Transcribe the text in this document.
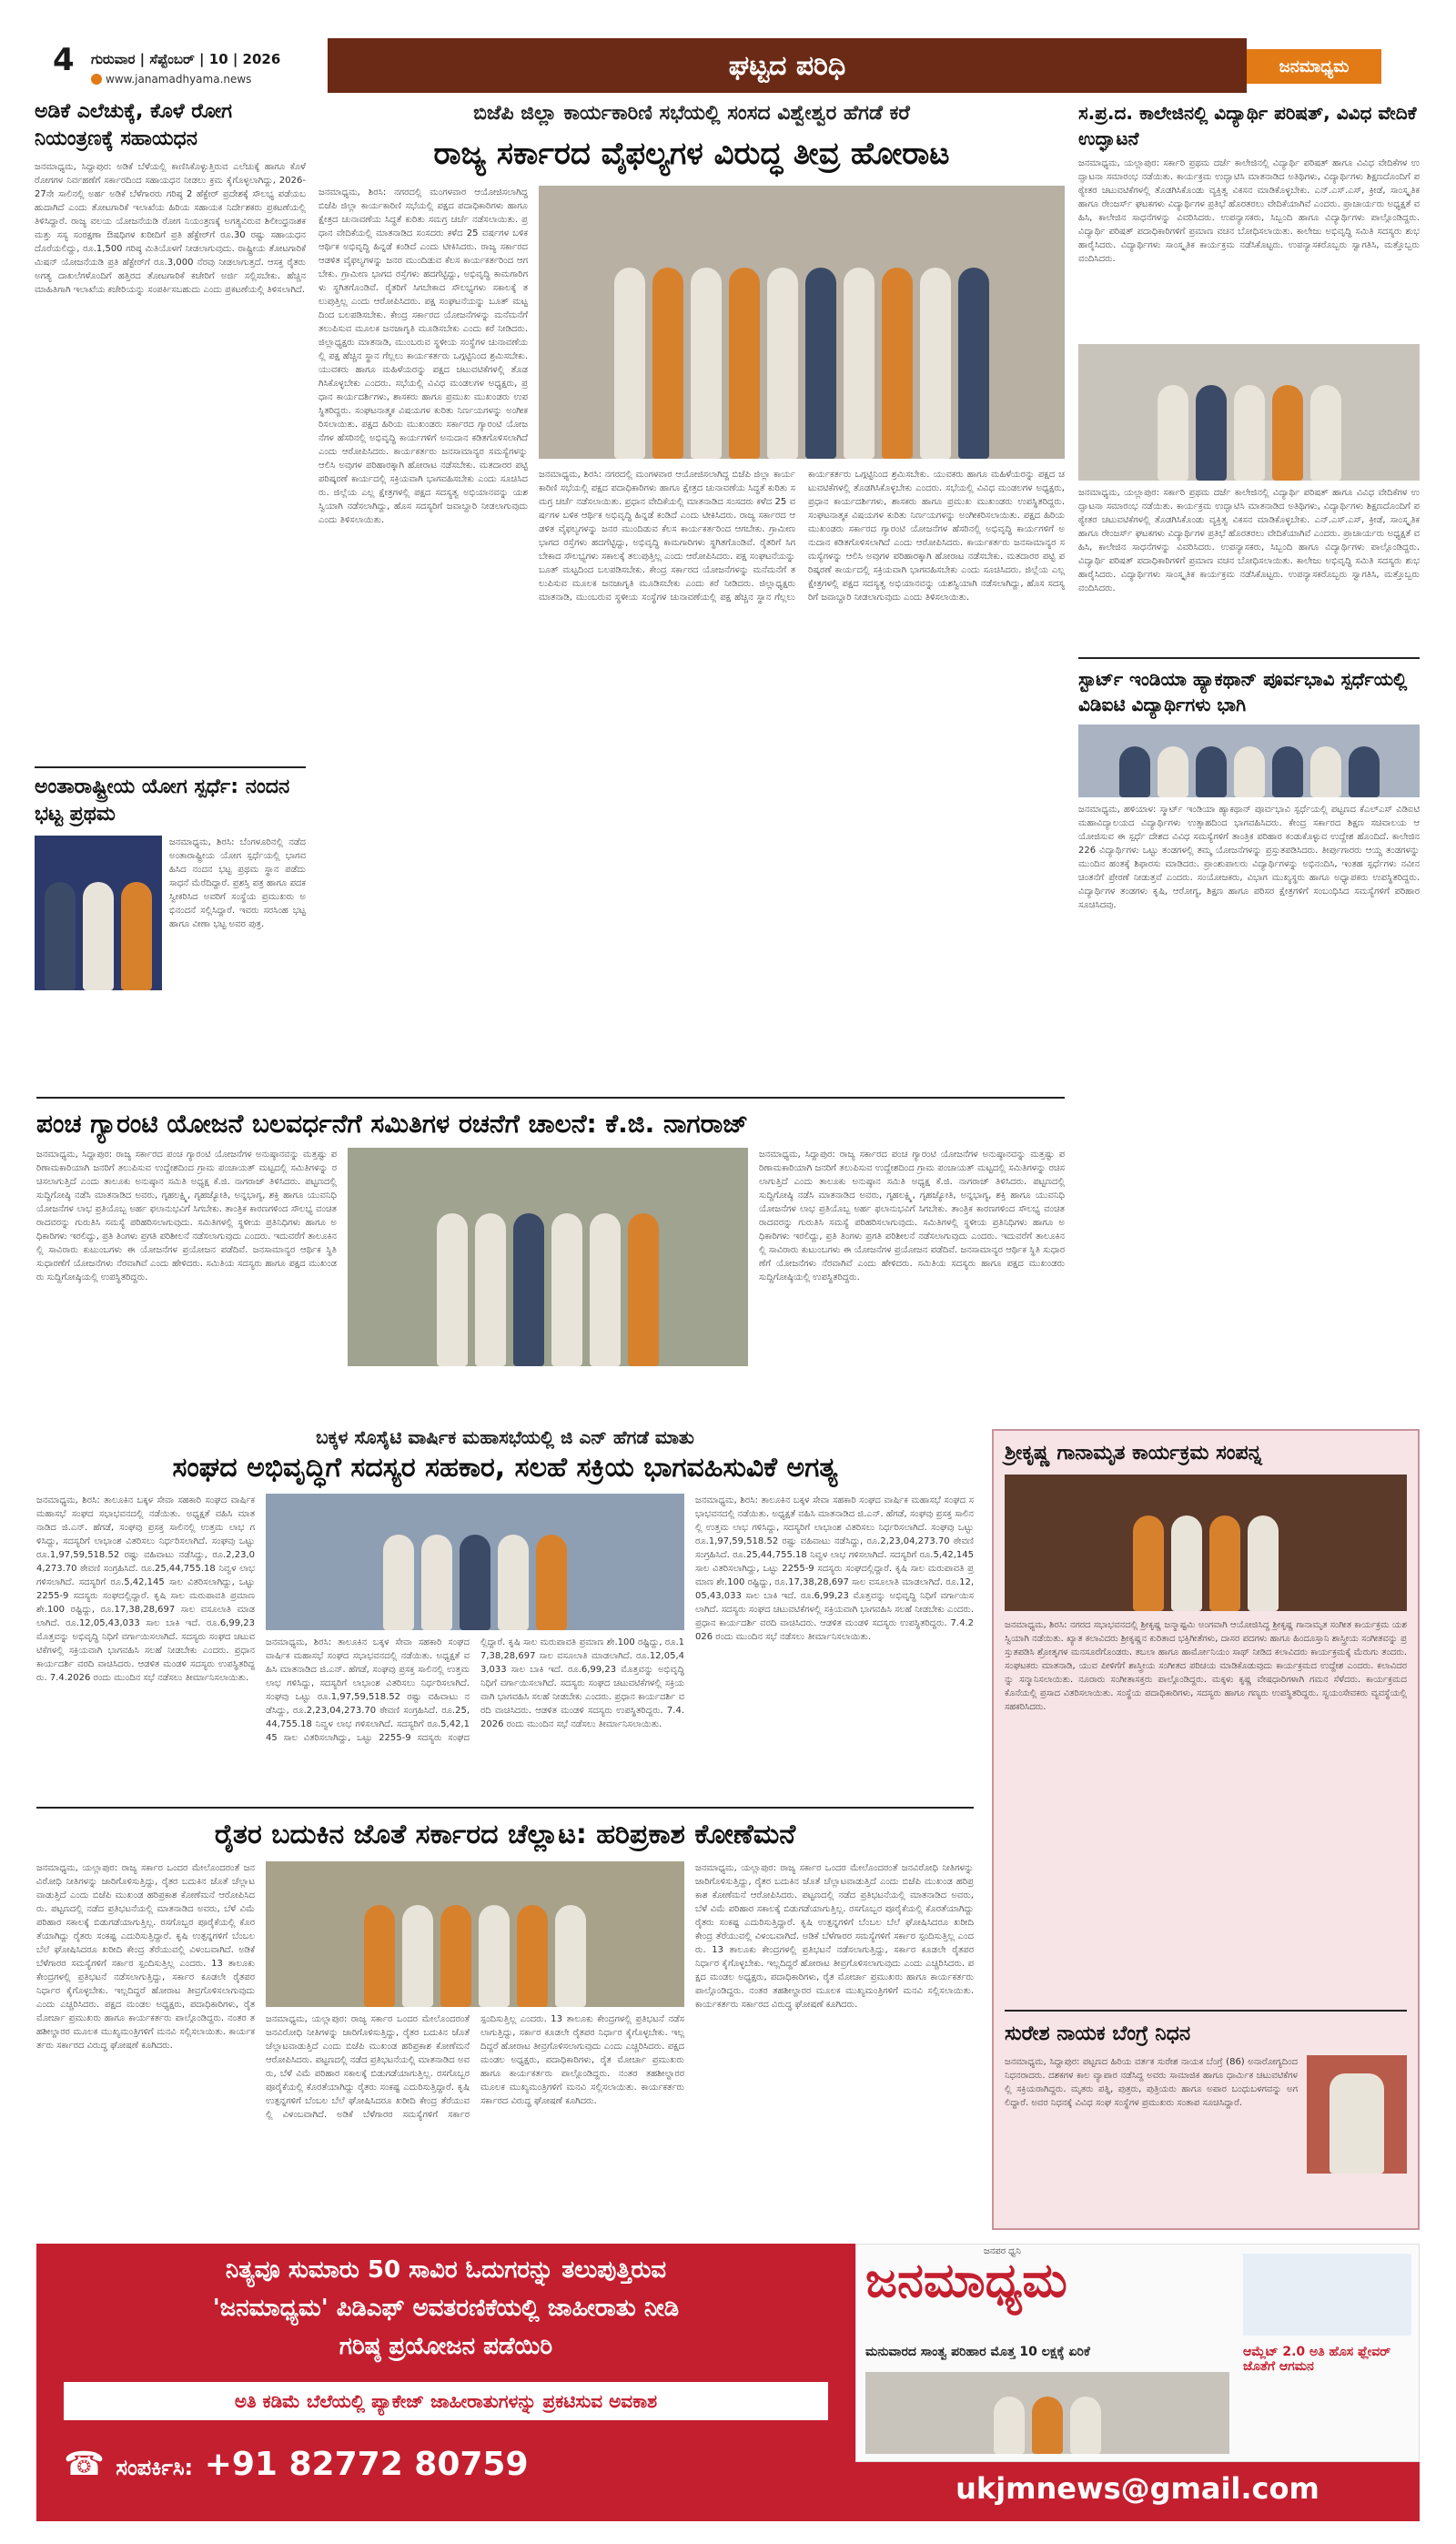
4 ಗುರುವಾರ | ಸೆಪ್ಟೆಂಬರ್ | 10 | 2026
www.janamadhyama.news	ಘಟ್ಟದ ಪರಿಧಿ	ಜನಮಾಧ್ಯಮ
ಅಡಿಕೆ ಎಲೆಚುಕ್ಕೆ, ಕೊಳೆ ರೋಗ ನಿಯಂತ್ರಣಕ್ಕೆ ಸಹಾಯಧನ
ಜನಮಾಧ್ಯಮ, ಸಿದ್ದಾಪುರ: ಅಡಿಕೆ ಬೆಳೆಯಲ್ಲಿ ಕಾಣಿಸಿಕೊಳ್ಳುತ್ತಿರುವ ಎಲೆಚುಕ್ಕೆ ಹಾಗೂ ಕೊಳೆ ರೋಗಗಳ ನಿರ್ವಹಣೆಗೆ ಸರ್ಕಾರದಿಂದ ಸಹಾಯಧನ ನೀಡಲು ಕ್ರಮ ಕೈಗೊಳ್ಳಲಾಗಿದ್ದು, 2026-27ನೇ ಸಾಲಿನಲ್ಲಿ ಅರ್ಹ ಅಡಿಕೆ ಬೆಳೆಗಾರರು ಗರಿಷ್ಠ 2 ಹೆಕ್ಟೇರ್ ಪ್ರದೇಶಕ್ಕೆ ಸೌಲಭ್ಯ ಪಡೆಯಬಹುದಾಗಿದೆ ಎಂದು ತೋಟಗಾರಿಕೆ ಇಲಾಖೆಯ ಹಿರಿಯ ಸಹಾಯಕ ನಿರ್ದೇಶಕರು ಪ್ರಕಟಣೆಯಲ್ಲಿ ತಿಳಿಸಿದ್ದಾರೆ. ರಾಜ್ಯ ವಲಯ ಯೋಜನೆಯಡಿ ರೋಗ ನಿಯಂತ್ರಣಕ್ಕೆ ಅಗತ್ಯವಿರುವ ಶಿಲೀಂಧ್ರನಾಶಕ ಮತ್ತು ಸಸ್ಯ ಸಂರಕ್ಷಣಾ ಔಷಧಿಗಳ ಖರೀದಿಗೆ ಪ್ರತಿ ಹೆಕ್ಟೇರ್‌ಗೆ ರೂ.30 ರಷ್ಟು ಸಹಾಯಧನ ದೊರೆಯಲಿದ್ದು, ರೂ.1,500 ಗರಿಷ್ಠ ಮಿತಿಯೊಳಗೆ ನೀಡಲಾಗುವುದು. ರಾಷ್ಟ್ರೀಯ ತೋಟಗಾರಿಕೆ ಮಿಷನ್ ಯೋಜನೆಯಡಿ ಪ್ರತಿ ಹೆಕ್ಟೇರ್‌ಗೆ ರೂ.3,000 ನೆರವು ನೀಡಲಾಗುತ್ತದೆ. ಆಸಕ್ತ ರೈತರು ಅಗತ್ಯ ದಾಖಲೆಗಳೊಂದಿಗೆ ಹತ್ತಿರದ ತೋಟಗಾರಿಕೆ ಕಚೇರಿಗೆ ಅರ್ಜಿ ಸಲ್ಲಿಸಬೇಕು. ಹೆಚ್ಚಿನ ಮಾಹಿತಿಗಾಗಿ ಇಲಾಖೆಯ ಕಚೇರಿಯನ್ನು ಸಂಪರ್ಕಿಸಬಹುದು ಎಂದು ಪ್ರಕಟಣೆಯಲ್ಲಿ ತಿಳಿಸಲಾಗಿದೆ.
ಅಂತಾರಾಷ್ಟ್ರೀಯ ಯೋಗ ಸ್ಪರ್ಧೆ: ನಂದನ ಭಟ್ಟ ಪ್ರಥಮ
ಜನಮಾಧ್ಯಮ, ಶಿರಸಿ: ಬೆಂಗಳೂರಿನಲ್ಲಿ ನಡೆದ ಅಂತಾರಾಷ್ಟ್ರೀಯ ಯೋಗ ಸ್ಪರ್ಧೆಯಲ್ಲಿ ಭಾಗವಹಿಸಿದ ನಂದನ ಭಟ್ಟ ಪ್ರಥಮ ಸ್ಥಾನ ಪಡೆದು ಸಾಧನೆ ಮೆರೆದಿದ್ದಾರೆ. ಪ್ರಶಸ್ತಿ ಪತ್ರ ಹಾಗೂ ಪದಕ ಸ್ವೀಕರಿಸಿದ ಅವರಿಗೆ ಸಂಸ್ಥೆಯ ಪ್ರಮುಖರು ಅಭಿನಂದನೆ ಸಲ್ಲಿಸಿದ್ದಾರೆ. ಇವರು ಸರಸಿಂಹ ಭಟ್ಟ ಹಾಗೂ ವೀಣಾ ಭಟ್ಟ ಅವರ ಪುತ್ರ.
ಬಿಜೆಪಿ ಜಿಲ್ಲಾ ಕಾರ್ಯಕಾರಿಣಿ ಸಭೆಯಲ್ಲಿ ಸಂಸದ ವಿಶ್ವೇಶ್ವರ ಹೆಗಡೆ ಕರೆ
ರಾಜ್ಯ ಸರ್ಕಾರದ ವೈಫಲ್ಯಗಳ ವಿರುದ್ಧ ತೀವ್ರ ಹೋರಾಟ
ಜನಮಾಧ್ಯಮ, ಶಿರಸಿ: ನಗರದಲ್ಲಿ ಮಂಗಳವಾರ ಆಯೋಜಿಸಲಾಗಿದ್ದ ಬಿಜೆಪಿ ಜಿಲ್ಲಾ ಕಾರ್ಯಕಾರಿಣಿ ಸಭೆಯಲ್ಲಿ ಪಕ್ಷದ ಪದಾಧಿಕಾರಿಗಳು ಹಾಗೂ ಕ್ಷೇತ್ರದ ಚುನಾವಣೆಯ ಸಿದ್ಧತೆ ಕುರಿತು ಸಮಗ್ರ ಚರ್ಚೆ ನಡೆಸಲಾಯಿತು. ಪ್ರಧಾನ ವೇದಿಕೆಯಲ್ಲಿ ಮಾತನಾಡಿದ ಸಂಸದರು ಕಳೆದ 25 ವರ್ಷಗಳ ಬಳಿಕ ಆರ್ಥಿಕ ಅಭಿವೃದ್ಧಿ ಹಿನ್ನಡೆ ಕಂಡಿದೆ ಎಂದು ಟೀಕಿಸಿದರು. ರಾಜ್ಯ ಸರ್ಕಾರದ ಆಡಳಿತ ವೈಫಲ್ಯಗಳನ್ನು ಜನರ ಮುಂದಿಡುವ ಕೆಲಸ ಕಾರ್ಯಕರ್ತರಿಂದ ಆಗಬೇಕು. ಗ್ರಾಮೀಣ ಭಾಗದ ರಸ್ತೆಗಳು ಹದಗೆಟ್ಟಿದ್ದು, ಅಭಿವೃದ್ಧಿ ಕಾಮಗಾರಿಗಳು ಸ್ಥಗಿತಗೊಂಡಿವೆ. ರೈತರಿಗೆ ಸಿಗಬೇಕಾದ ಸೌಲಭ್ಯಗಳು ಸಕಾಲಕ್ಕೆ ತಲುಪುತ್ತಿಲ್ಲ ಎಂದು ಆರೋಪಿಸಿದರು. ಪಕ್ಷ ಸಂಘಟನೆಯನ್ನು ಬೂತ್ ಮಟ್ಟದಿಂದ ಬಲಪಡಿಸಬೇಕು. ಕೇಂದ್ರ ಸರ್ಕಾರದ ಯೋಜನೆಗಳನ್ನು ಮನೆಮನೆಗೆ ತಲುಪಿಸುವ ಮೂಲಕ ಜನಜಾಗೃತಿ ಮೂಡಿಸಬೇಕು ಎಂದು ಕರೆ ನೀಡಿದರು. ಜಿಲ್ಲಾಧ್ಯಕ್ಷರು ಮಾತನಾಡಿ, ಮುಂಬರುವ ಸ್ಥಳೀಯ ಸಂಸ್ಥೆಗಳ ಚುನಾವಣೆಯಲ್ಲಿ ಪಕ್ಷ ಹೆಚ್ಚಿನ ಸ್ಥಾನ ಗೆಲ್ಲಲು ಕಾರ್ಯಕರ್ತರು ಒಗ್ಗಟ್ಟಿನಿಂದ ಶ್ರಮಿಸಬೇಕು. ಯುವಕರು ಹಾಗೂ ಮಹಿಳೆಯರನ್ನು ಪಕ್ಷದ ಚಟುವಟಿಕೆಗಳಲ್ಲಿ ತೊಡಗಿಸಿಕೊಳ್ಳಬೇಕು ಎಂದರು. ಸಭೆಯಲ್ಲಿ ವಿವಿಧ ಮಂಡಲಗಳ ಅಧ್ಯಕ್ಷರು, ಪ್ರಧಾನ ಕಾರ್ಯದರ್ಶಿಗಳು, ಶಾಸಕರು ಹಾಗೂ ಪ್ರಮುಖ ಮುಖಂಡರು ಉಪಸ್ಥಿತರಿದ್ದರು. ಸಂಘಟನಾತ್ಮಕ ವಿಷಯಗಳ ಕುರಿತು ನಿರ್ಣಯಗಳನ್ನು ಅಂಗೀಕರಿಸಲಾಯಿತು. ಪಕ್ಷದ ಹಿರಿಯ ಮುಖಂಡರು ಸರ್ಕಾರದ ಗ್ಯಾರಂಟಿ ಯೋಜನೆಗಳ ಹೆಸರಿನಲ್ಲಿ ಅಭಿವೃದ್ಧಿ ಕಾರ್ಯಗಳಿಗೆ ಅನುದಾನ ಕಡಿತಗೊಳಿಸಲಾಗಿದೆ ಎಂದು ಆರೋಪಿಸಿದರು. ಕಾರ್ಯಕರ್ತರು ಜನಸಾಮಾನ್ಯರ ಸಮಸ್ಯೆಗಳನ್ನು ಆಲಿಸಿ ಅವುಗಳ ಪರಿಹಾರಕ್ಕಾಗಿ ಹೋರಾಟ ನಡೆಸಬೇಕು. ಮತದಾರರ ಪಟ್ಟಿ ಪರಿಷ್ಕರಣೆ ಕಾರ್ಯದಲ್ಲಿ ಸಕ್ರಿಯವಾಗಿ ಭಾಗವಹಿಸಬೇಕು ಎಂದು ಸೂಚಿಸಿದರು. ಜಿಲ್ಲೆಯ ಎಲ್ಲ ಕ್ಷೇತ್ರಗಳಲ್ಲಿ ಪಕ್ಷದ ಸದಸ್ಯತ್ವ ಅಭಿಯಾನವನ್ನು ಯಶಸ್ವಿಯಾಗಿ ನಡೆಸಲಾಗಿದ್ದು, ಹೊಸ ಸದಸ್ಯರಿಗೆ ಜವಾಬ್ದಾರಿ ನೀಡಲಾಗುವುದು ಎಂದು ತಿಳಿಸಲಾಯಿತು.
ಜನಮಾಧ್ಯಮ, ಶಿರಸಿ: ನಗರದಲ್ಲಿ ಮಂಗಳವಾರ ಆಯೋಜಿಸಲಾಗಿದ್ದ ಬಿಜೆಪಿ ಜಿಲ್ಲಾ ಕಾರ್ಯಕಾರಿಣಿ ಸಭೆಯಲ್ಲಿ ಪಕ್ಷದ ಪದಾಧಿಕಾರಿಗಳು ಹಾಗೂ ಕ್ಷೇತ್ರದ ಚುನಾವಣೆಯ ಸಿದ್ಧತೆ ಕುರಿತು ಸಮಗ್ರ ಚರ್ಚೆ ನಡೆಸಲಾಯಿತು. ಪ್ರಧಾನ ವೇದಿಕೆಯಲ್ಲಿ ಮಾತನಾಡಿದ ಸಂಸದರು ಕಳೆದ 25 ವರ್ಷಗಳ ಬಳಿಕ ಆರ್ಥಿಕ ಅಭಿವೃದ್ಧಿ ಹಿನ್ನಡೆ ಕಂಡಿದೆ ಎಂದು ಟೀಕಿಸಿದರು. ರಾಜ್ಯ ಸರ್ಕಾರದ ಆಡಳಿತ ವೈಫಲ್ಯಗಳನ್ನು ಜನರ ಮುಂದಿಡುವ ಕೆಲಸ ಕಾರ್ಯಕರ್ತರಿಂದ ಆಗಬೇಕು. ಗ್ರಾಮೀಣ ಭಾಗದ ರಸ್ತೆಗಳು ಹದಗೆಟ್ಟಿದ್ದು, ಅಭಿವೃದ್ಧಿ ಕಾಮಗಾರಿಗಳು ಸ್ಥಗಿತಗೊಂಡಿವೆ. ರೈತರಿಗೆ ಸಿಗಬೇಕಾದ ಸೌಲಭ್ಯಗಳು ಸಕಾಲಕ್ಕೆ ತಲುಪುತ್ತಿಲ್ಲ ಎಂದು ಆರೋಪಿಸಿದರು. ಪಕ್ಷ ಸಂಘಟನೆಯನ್ನು ಬೂತ್ ಮಟ್ಟದಿಂದ ಬಲಪಡಿಸಬೇಕು. ಕೇಂದ್ರ ಸರ್ಕಾರದ ಯೋಜನೆಗಳನ್ನು ಮನೆಮನೆಗೆ ತಲುಪಿಸುವ ಮೂಲಕ ಜನಜಾಗೃತಿ ಮೂಡಿಸಬೇಕು ಎಂದು ಕರೆ ನೀಡಿದರು. ಜಿಲ್ಲಾಧ್ಯಕ್ಷರು ಮಾತನಾಡಿ, ಮುಂಬರುವ ಸ್ಥಳೀಯ ಸಂಸ್ಥೆಗಳ ಚುನಾವಣೆಯಲ್ಲಿ ಪಕ್ಷ ಹೆಚ್ಚಿನ ಸ್ಥಾನ ಗೆಲ್ಲಲು ಕಾರ್ಯಕರ್ತರು ಒಗ್ಗಟ್ಟಿನಿಂದ ಶ್ರಮಿಸಬೇಕು. ಯುವಕರು ಹಾಗೂ ಮಹಿಳೆಯರನ್ನು ಪಕ್ಷದ ಚಟುವಟಿಕೆಗಳಲ್ಲಿ ತೊಡಗಿಸಿಕೊಳ್ಳಬೇಕು ಎಂದರು. ಸಭೆಯಲ್ಲಿ ವಿವಿಧ ಮಂಡಲಗಳ ಅಧ್ಯಕ್ಷರು, ಪ್ರಧಾನ ಕಾರ್ಯದರ್ಶಿಗಳು, ಶಾಸಕರು ಹಾಗೂ ಪ್ರಮುಖ ಮುಖಂಡರು ಉಪಸ್ಥಿತರಿದ್ದರು. ಸಂಘಟನಾತ್ಮಕ ವಿಷಯಗಳ ಕುರಿತು ನಿರ್ಣಯಗಳನ್ನು ಅಂಗೀಕರಿಸಲಾಯಿತು. ಪಕ್ಷದ ಹಿರಿಯ ಮುಖಂಡರು ಸರ್ಕಾರದ ಗ್ಯಾರಂಟಿ ಯೋಜನೆಗಳ ಹೆಸರಿನಲ್ಲಿ ಅಭಿವೃದ್ಧಿ ಕಾರ್ಯಗಳಿಗೆ ಅನುದಾನ ಕಡಿತಗೊಳಿಸಲಾಗಿದೆ ಎಂದು ಆರೋಪಿಸಿದರು. ಕಾರ್ಯಕರ್ತರು ಜನಸಾಮಾನ್ಯರ ಸಮಸ್ಯೆಗಳನ್ನು ಆಲಿಸಿ ಅವುಗಳ ಪರಿಹಾರಕ್ಕಾಗಿ ಹೋರಾಟ ನಡೆಸಬೇಕು. ಮತದಾರರ ಪಟ್ಟಿ ಪರಿಷ್ಕರಣೆ ಕಾರ್ಯದಲ್ಲಿ ಸಕ್ರಿಯವಾಗಿ ಭಾಗವಹಿಸಬೇಕು ಎಂದು ಸೂಚಿಸಿದರು. ಜಿಲ್ಲೆಯ ಎಲ್ಲ ಕ್ಷೇತ್ರಗಳಲ್ಲಿ ಪಕ್ಷದ ಸದಸ್ಯತ್ವ ಅಭಿಯಾನವನ್ನು ಯಶಸ್ವಿಯಾಗಿ ನಡೆಸಲಾಗಿದ್ದು, ಹೊಸ ಸದಸ್ಯರಿಗೆ ಜವಾಬ್ದಾರಿ ನೀಡಲಾಗುವುದು ಎಂದು ತಿಳಿಸಲಾಯಿತು.
ಸ.ಪ್ರ.ದ. ಕಾಲೇಜಿನಲ್ಲಿ ವಿದ್ಯಾರ್ಥಿ ಪರಿಷತ್, ವಿವಿಧ ವೇದಿಕೆ ಉದ್ಘಾಟನೆ
ಜನಮಾಧ್ಯಮ, ಯಲ್ಲಾಪುರ: ಸರ್ಕಾರಿ ಪ್ರಥಮ ದರ್ಜೆ ಕಾಲೇಜಿನಲ್ಲಿ ವಿದ್ಯಾರ್ಥಿ ಪರಿಷತ್ ಹಾಗೂ ವಿವಿಧ ವೇದಿಕೆಗಳ ಉದ್ಘಾಟನಾ ಸಮಾರಂಭ ನಡೆಯಿತು. ಕಾರ್ಯಕ್ರಮ ಉದ್ಘಾಟಿಸಿ ಮಾತನಾಡಿದ ಅತಿಥಿಗಳು, ವಿದ್ಯಾರ್ಥಿಗಳು ಶಿಕ್ಷಣದೊಂದಿಗೆ ಪಠ್ಯೇತರ ಚಟುವಟಿಕೆಗಳಲ್ಲಿ ತೊಡಗಿಸಿಕೊಂಡು ವ್ಯಕ್ತಿತ್ವ ವಿಕಸನ ಮಾಡಿಕೊಳ್ಳಬೇಕು. ಎನ್.ಎಸ್.ಎಸ್, ಕ್ರೀಡೆ, ಸಾಂಸ್ಕೃತಿಕ ಹಾಗೂ ರೇಂಜರ್ಸ್ ಘಟಕಗಳು ವಿದ್ಯಾರ್ಥಿಗಳ ಪ್ರತಿಭೆ ಹೊರತರಲು ವೇದಿಕೆಯಾಗಿವೆ ಎಂದರು. ಪ್ರಾಚಾರ್ಯರು ಅಧ್ಯಕ್ಷತೆ ವಹಿಸಿ, ಕಾಲೇಜಿನ ಸಾಧನೆಗಳನ್ನು ವಿವರಿಸಿದರು. ಉಪನ್ಯಾಸಕರು, ಸಿಬ್ಬಂದಿ ಹಾಗೂ ವಿದ್ಯಾರ್ಥಿಗಳು ಪಾಲ್ಗೊಂಡಿದ್ದರು. ವಿದ್ಯಾರ್ಥಿ ಪರಿಷತ್ ಪದಾಧಿಕಾರಿಗಳಿಗೆ ಪ್ರಮಾಣ ವಚನ ಬೋಧಿಸಲಾಯಿತು. ಕಾಲೇಜು ಅಭಿವೃದ್ಧಿ ಸಮಿತಿ ಸದಸ್ಯರು ಶುಭ ಹಾರೈಸಿದರು. ವಿದ್ಯಾರ್ಥಿಗಳು ಸಾಂಸ್ಕೃತಿಕ ಕಾರ್ಯಕ್ರಮ ನಡೆಸಿಕೊಟ್ಟರು. ಉಪನ್ಯಾಸಕರೊಬ್ಬರು ಸ್ವಾಗತಿಸಿ, ಮತ್ತೊಬ್ಬರು ವಂದಿಸಿದರು.
ಜನಮಾಧ್ಯಮ, ಯಲ್ಲಾಪುರ: ಸರ್ಕಾರಿ ಪ್ರಥಮ ದರ್ಜೆ ಕಾಲೇಜಿನಲ್ಲಿ ವಿದ್ಯಾರ್ಥಿ ಪರಿಷತ್ ಹಾಗೂ ವಿವಿಧ ವೇದಿಕೆಗಳ ಉದ್ಘಾಟನಾ ಸಮಾರಂಭ ನಡೆಯಿತು. ಕಾರ್ಯಕ್ರಮ ಉದ್ಘಾಟಿಸಿ ಮಾತನಾಡಿದ ಅತಿಥಿಗಳು, ವಿದ್ಯಾರ್ಥಿಗಳು ಶಿಕ್ಷಣದೊಂದಿಗೆ ಪಠ್ಯೇತರ ಚಟುವಟಿಕೆಗಳಲ್ಲಿ ತೊಡಗಿಸಿಕೊಂಡು ವ್ಯಕ್ತಿತ್ವ ವಿಕಸನ ಮಾಡಿಕೊಳ್ಳಬೇಕು. ಎನ್.ಎಸ್.ಎಸ್, ಕ್ರೀಡೆ, ಸಾಂಸ್ಕೃತಿಕ ಹಾಗೂ ರೇಂಜರ್ಸ್ ಘಟಕಗಳು ವಿದ್ಯಾರ್ಥಿಗಳ ಪ್ರತಿಭೆ ಹೊರತರಲು ವೇದಿಕೆಯಾಗಿವೆ ಎಂದರು. ಪ್ರಾಚಾರ್ಯರು ಅಧ್ಯಕ್ಷತೆ ವಹಿಸಿ, ಕಾಲೇಜಿನ ಸಾಧನೆಗಳನ್ನು ವಿವರಿಸಿದರು. ಉಪನ್ಯಾಸಕರು, ಸಿಬ್ಬಂದಿ ಹಾಗೂ ವಿದ್ಯಾರ್ಥಿಗಳು ಪಾಲ್ಗೊಂಡಿದ್ದರು. ವಿದ್ಯಾರ್ಥಿ ಪರಿಷತ್ ಪದಾಧಿಕಾರಿಗಳಿಗೆ ಪ್ರಮಾಣ ವಚನ ಬೋಧಿಸಲಾಯಿತು. ಕಾಲೇಜು ಅಭಿವೃದ್ಧಿ ಸಮಿತಿ ಸದಸ್ಯರು ಶುಭ ಹಾರೈಸಿದರು. ವಿದ್ಯಾರ್ಥಿಗಳು ಸಾಂಸ್ಕೃತಿಕ ಕಾರ್ಯಕ್ರಮ ನಡೆಸಿಕೊಟ್ಟರು. ಉಪನ್ಯಾಸಕರೊಬ್ಬರು ಸ್ವಾಗತಿಸಿ, ಮತ್ತೊಬ್ಬರು ವಂದಿಸಿದರು.
ಸ್ಟಾರ್ಟ್ ಇಂಡಿಯಾ ಹ್ಯಾಕಥಾನ್ ಪೂರ್ವಭಾವಿ ಸ್ಪರ್ಧೆಯಲ್ಲಿ ವಿಡಿಐಟಿ ವಿದ್ಯಾರ್ಥಿಗಳು ಭಾಗಿ
ಜನಮಾಧ್ಯಮ, ಹಳಿಯಾಳ: ಸ್ಮಾರ್ಟ್ ಇಂಡಿಯಾ ಹ್ಯಾಕಥಾನ್ ಪೂರ್ವಭಾವಿ ಸ್ಪರ್ಧೆಯಲ್ಲಿ ಪಟ್ಟಣದ ಕೆಎಲ್‌ಎಸ್ ವಿಡಿಐಟಿ ಮಹಾವಿದ್ಯಾಲಯದ ವಿದ್ಯಾರ್ಥಿಗಳು ಉತ್ಸಾಹದಿಂದ ಭಾಗವಹಿಸಿದರು. ಕೇಂದ್ರ ಸರ್ಕಾರದ ಶಿಕ್ಷಣ ಸಚಿವಾಲಯ ಆಯೋಜಿಸುವ ಈ ಸ್ಪರ್ಧೆ ದೇಶದ ವಿವಿಧ ಸಮಸ್ಯೆಗಳಿಗೆ ತಾಂತ್ರಿಕ ಪರಿಹಾರ ಕಂಡುಕೊಳ್ಳುವ ಉದ್ದೇಶ ಹೊಂದಿದೆ. ಕಾಲೇಜಿನ 226 ವಿದ್ಯಾರ್ಥಿಗಳು ಒಟ್ಟು ತಂಡಗಳಲ್ಲಿ ತಮ್ಮ ಯೋಜನೆಗಳನ್ನು ಪ್ರಸ್ತುತಪಡಿಸಿದರು. ತೀರ್ಪುಗಾರರು ಆಯ್ದ ತಂಡಗಳನ್ನು ಮುಂದಿನ ಹಂತಕ್ಕೆ ಶಿಫಾರಸು ಮಾಡಿದರು. ಪ್ರಾಂಶುಪಾಲರು ವಿದ್ಯಾರ್ಥಿಗಳನ್ನು ಅಭಿನಂದಿಸಿ, ಇಂತಹ ಸ್ಪರ್ಧೆಗಳು ನವೀನ ಚಿಂತನೆಗೆ ಪ್ರೇರಣೆ ನೀಡುತ್ತವೆ ಎಂದರು. ಸಂಯೋಜಕರು, ವಿಭಾಗ ಮುಖ್ಯಸ್ಥರು ಹಾಗೂ ಅಧ್ಯಾಪಕರು ಉಪಸ್ಥಿತರಿದ್ದರು. ವಿದ್ಯಾರ್ಥಿಗಳ ತಂಡಗಳು ಕೃಷಿ, ಆರೋಗ್ಯ, ಶಿಕ್ಷಣ ಹಾಗೂ ಪರಿಸರ ಕ್ಷೇತ್ರಗಳಿಗೆ ಸಂಬಂಧಿಸಿದ ಸಮಸ್ಯೆಗಳಿಗೆ ಪರಿಹಾರ ಸೂಚಿಸಿದವು.
ಪಂಚ ಗ್ಯಾರಂಟಿ ಯೋಜನೆ ಬಲವರ್ಧನೆಗೆ ಸಮಿತಿಗಳ ರಚನೆಗೆ ಚಾಲನೆ: ಕೆ.ಜಿ. ನಾಗರಾಜ್
ಜನಮಾಧ್ಯಮ, ಸಿದ್ದಾಪುರ: ರಾಜ್ಯ ಸರ್ಕಾರದ ಪಂಚ ಗ್ಯಾರಂಟಿ ಯೋಜನೆಗಳ ಅನುಷ್ಠಾನವನ್ನು ಮತ್ತಷ್ಟು ಪರಿಣಾಮಕಾರಿಯಾಗಿ ಜನರಿಗೆ ತಲುಪಿಸುವ ಉದ್ದೇಶದಿಂದ ಗ್ರಾಮ ಪಂಚಾಯತ್ ಮಟ್ಟದಲ್ಲಿ ಸಮಿತಿಗಳನ್ನು ರಚಿಸಲಾಗುತ್ತಿದೆ ಎಂದು ತಾಲೂಕು ಅನುಷ್ಠಾನ ಸಮಿತಿ ಅಧ್ಯಕ್ಷ ಕೆ.ಜಿ. ನಾಗರಾಜ್ ತಿಳಿಸಿದರು. ಪಟ್ಟಣದಲ್ಲಿ ಸುದ್ದಿಗೋಷ್ಠಿ ನಡೆಸಿ ಮಾತನಾಡಿದ ಅವರು, ಗೃಹಲಕ್ಷ್ಮಿ, ಗೃಹಜ್ಯೋತಿ, ಅನ್ನಭಾಗ್ಯ, ಶಕ್ತಿ ಹಾಗೂ ಯುವನಿಧಿ ಯೋಜನೆಗಳ ಲಾಭ ಪ್ರತಿಯೊಬ್ಬ ಅರ್ಹ ಫಲಾನುಭವಿಗೆ ಸಿಗಬೇಕು. ತಾಂತ್ರಿಕ ಕಾರಣಗಳಿಂದ ಸೌಲಭ್ಯ ವಂಚಿತರಾದವರನ್ನು ಗುರುತಿಸಿ ಸಮಸ್ಯೆ ಪರಿಹರಿಸಲಾಗುವುದು. ಸಮಿತಿಗಳಲ್ಲಿ ಸ್ಥಳೀಯ ಪ್ರತಿನಿಧಿಗಳು ಹಾಗೂ ಅಧಿಕಾರಿಗಳು ಇರಲಿದ್ದು, ಪ್ರತಿ ತಿಂಗಳು ಪ್ರಗತಿ ಪರಿಶೀಲನೆ ನಡೆಸಲಾಗುವುದು ಎಂದರು. ಇದುವರೆಗೆ ತಾಲೂಕಿನಲ್ಲಿ ಸಾವಿರಾರು ಕುಟುಂಬಗಳು ಈ ಯೋಜನೆಗಳ ಪ್ರಯೋಜನ ಪಡೆದಿವೆ. ಜನಸಾಮಾನ್ಯರ ಆರ್ಥಿಕ ಸ್ಥಿತಿ ಸುಧಾರಣೆಗೆ ಯೋಜನೆಗಳು ನೆರವಾಗಿವೆ ಎಂದು ಹೇಳಿದರು. ಸಮಿತಿಯ ಸದಸ್ಯರು ಹಾಗೂ ಪಕ್ಷದ ಮುಖಂಡರು ಸುದ್ದಿಗೋಷ್ಠಿಯಲ್ಲಿ ಉಪಸ್ಥಿತರಿದ್ದರು.
ಜನಮಾಧ್ಯಮ, ಸಿದ್ದಾಪುರ: ರಾಜ್ಯ ಸರ್ಕಾರದ ಪಂಚ ಗ್ಯಾರಂಟಿ ಯೋಜನೆಗಳ ಅನುಷ್ಠಾನವನ್ನು ಮತ್ತಷ್ಟು ಪರಿಣಾಮಕಾರಿಯಾಗಿ ಜನರಿಗೆ ತಲುಪಿಸುವ ಉದ್ದೇಶದಿಂದ ಗ್ರಾಮ ಪಂಚಾಯತ್ ಮಟ್ಟದಲ್ಲಿ ಸಮಿತಿಗಳನ್ನು ರಚಿಸಲಾಗುತ್ತಿದೆ ಎಂದು ತಾಲೂಕು ಅನುಷ್ಠಾನ ಸಮಿತಿ ಅಧ್ಯಕ್ಷ ಕೆ.ಜಿ. ನಾಗರಾಜ್ ತಿಳಿಸಿದರು. ಪಟ್ಟಣದಲ್ಲಿ ಸುದ್ದಿಗೋಷ್ಠಿ ನಡೆಸಿ ಮಾತನಾಡಿದ ಅವರು, ಗೃಹಲಕ್ಷ್ಮಿ, ಗೃಹಜ್ಯೋತಿ, ಅನ್ನಭಾಗ್ಯ, ಶಕ್ತಿ ಹಾಗೂ ಯುವನಿಧಿ ಯೋಜನೆಗಳ ಲಾಭ ಪ್ರತಿಯೊಬ್ಬ ಅರ್ಹ ಫಲಾನುಭವಿಗೆ ಸಿಗಬೇಕು. ತಾಂತ್ರಿಕ ಕಾರಣಗಳಿಂದ ಸೌಲಭ್ಯ ವಂಚಿತರಾದವರನ್ನು ಗುರುತಿಸಿ ಸಮಸ್ಯೆ ಪರಿಹರಿಸಲಾಗುವುದು. ಸಮಿತಿಗಳಲ್ಲಿ ಸ್ಥಳೀಯ ಪ್ರತಿನಿಧಿಗಳು ಹಾಗೂ ಅಧಿಕಾರಿಗಳು ಇರಲಿದ್ದು, ಪ್ರತಿ ತಿಂಗಳು ಪ್ರಗತಿ ಪರಿಶೀಲನೆ ನಡೆಸಲಾಗುವುದು ಎಂದರು. ಇದುವರೆಗೆ ತಾಲೂಕಿನಲ್ಲಿ ಸಾವಿರಾರು ಕುಟುಂಬಗಳು ಈ ಯೋಜನೆಗಳ ಪ್ರಯೋಜನ ಪಡೆದಿವೆ. ಜನಸಾಮಾನ್ಯರ ಆರ್ಥಿಕ ಸ್ಥಿತಿ ಸುಧಾರಣೆಗೆ ಯೋಜನೆಗಳು ನೆರವಾಗಿವೆ ಎಂದು ಹೇಳಿದರು. ಸಮಿತಿಯ ಸದಸ್ಯರು ಹಾಗೂ ಪಕ್ಷದ ಮುಖಂಡರು ಸುದ್ದಿಗೋಷ್ಠಿಯಲ್ಲಿ ಉಪಸ್ಥಿತರಿದ್ದರು.
ಬಕ್ಕಳ ಸೊಸೈಟಿ ವಾರ್ಷಿಕ ಮಹಾಸಭೆಯಲ್ಲಿ ಜಿ ಎನ್ ಹೆಗಡೆ ಮಾತು
ಸಂಘದ ಅಭಿವೃದ್ಧಿಗೆ ಸದಸ್ಯರ ಸಹಕಾರ, ಸಲಹೆ ಸಕ್ರಿಯ ಭಾಗವಹಿಸುವಿಕೆ ಅಗತ್ಯ
ಜನಮಾಧ್ಯಮ, ಶಿರಸಿ: ತಾಲೂಕಿನ ಬಕ್ಕಳ ಸೇವಾ ಸಹಕಾರಿ ಸಂಘದ ವಾರ್ಷಿಕ ಮಹಾಸಭೆ ಸಂಘದ ಸಭಾಭವನದಲ್ಲಿ ನಡೆಯಿತು. ಅಧ್ಯಕ್ಷತೆ ವಹಿಸಿ ಮಾತನಾಡಿದ ಜಿ.ಎನ್. ಹೆಗಡೆ, ಸಂಘವು ಪ್ರಸಕ್ತ ಸಾಲಿನಲ್ಲಿ ಉತ್ತಮ ಲಾಭ ಗಳಿಸಿದ್ದು, ಸದಸ್ಯರಿಗೆ ಲಾಭಾಂಶ ವಿತರಿಸಲು ನಿರ್ಧರಿಸಲಾಗಿದೆ. ಸಂಘವು ಒಟ್ಟು ರೂ.1,97,59,518.52 ರಷ್ಟು ವಹಿವಾಟು ನಡೆಸಿದ್ದು, ರೂ.2,23,04,273.70 ಠೇವಣಿ ಸಂಗ್ರಹಿಸಿದೆ. ರೂ.25,44,755.18 ನಿವ್ವಳ ಲಾಭ ಗಳಿಸಲಾಗಿದೆ. ಸದಸ್ಯರಿಗೆ ರೂ.5,42,145 ಸಾಲ ವಿತರಿಸಲಾಗಿದ್ದು, ಒಟ್ಟು 2255-9 ಸದಸ್ಯರು ಸಂಘದಲ್ಲಿದ್ದಾರೆ. ಕೃಷಿ ಸಾಲ ಮರುಪಾವತಿ ಪ್ರಮಾಣ ಶೇ.100 ರಷ್ಟಿದ್ದು, ರೂ.17,38,28,697 ಸಾಲ ವಸೂಲಾತಿ ಮಾಡಲಾಗಿದೆ. ರೂ.12,05,43,033 ಸಾಲ ಬಾಕಿ ಇದೆ. ರೂ.6,99,23 ಮೊತ್ತವನ್ನು ಅಭಿವೃದ್ಧಿ ನಿಧಿಗೆ ವರ್ಗಾಯಿಸಲಾಗಿದೆ. ಸದಸ್ಯರು ಸಂಘದ ಚಟುವಟಿಕೆಗಳಲ್ಲಿ ಸಕ್ರಿಯವಾಗಿ ಭಾಗವಹಿಸಿ ಸಲಹೆ ನೀಡಬೇಕು ಎಂದರು. ಪ್ರಧಾನ ಕಾರ್ಯದರ್ಶಿ ವರದಿ ವಾಚಿಸಿದರು. ಆಡಳಿತ ಮಂಡಳಿ ಸದಸ್ಯರು ಉಪಸ್ಥಿತರಿದ್ದರು. 7.4.2026 ರಂದು ಮುಂದಿನ ಸಭೆ ನಡೆಸಲು ತೀರ್ಮಾನಿಸಲಾಯಿತು.
ಜನಮಾಧ್ಯಮ, ಶಿರಸಿ: ತಾಲೂಕಿನ ಬಕ್ಕಳ ಸೇವಾ ಸಹಕಾರಿ ಸಂಘದ ವಾರ್ಷಿಕ ಮಹಾಸಭೆ ಸಂಘದ ಸಭಾಭವನದಲ್ಲಿ ನಡೆಯಿತು. ಅಧ್ಯಕ್ಷತೆ ವಹಿಸಿ ಮಾತನಾಡಿದ ಜಿ.ಎನ್. ಹೆಗಡೆ, ಸಂಘವು ಪ್ರಸಕ್ತ ಸಾಲಿನಲ್ಲಿ ಉತ್ತಮ ಲಾಭ ಗಳಿಸಿದ್ದು, ಸದಸ್ಯರಿಗೆ ಲಾಭಾಂಶ ವಿತರಿಸಲು ನಿರ್ಧರಿಸಲಾಗಿದೆ. ಸಂಘವು ಒಟ್ಟು ರೂ.1,97,59,518.52 ರಷ್ಟು ವಹಿವಾಟು ನಡೆಸಿದ್ದು, ರೂ.2,23,04,273.70 ಠೇವಣಿ ಸಂಗ್ರಹಿಸಿದೆ. ರೂ.25,44,755.18 ನಿವ್ವಳ ಲಾಭ ಗಳಿಸಲಾಗಿದೆ. ಸದಸ್ಯರಿಗೆ ರೂ.5,42,145 ಸಾಲ ವಿತರಿಸಲಾಗಿದ್ದು, ಒಟ್ಟು 2255-9 ಸದಸ್ಯರು ಸಂಘದಲ್ಲಿದ್ದಾರೆ. ಕೃಷಿ ಸಾಲ ಮರುಪಾವತಿ ಪ್ರಮಾಣ ಶೇ.100 ರಷ್ಟಿದ್ದು, ರೂ.17,38,28,697 ಸಾಲ ವಸೂಲಾತಿ ಮಾಡಲಾಗಿದೆ. ರೂ.12,05,43,033 ಸಾಲ ಬಾಕಿ ಇದೆ. ರೂ.6,99,23 ಮೊತ್ತವನ್ನು ಅಭಿವೃದ್ಧಿ ನಿಧಿಗೆ ವರ್ಗಾಯಿಸಲಾಗಿದೆ. ಸದಸ್ಯರು ಸಂಘದ ಚಟುವಟಿಕೆಗಳಲ್ಲಿ ಸಕ್ರಿಯವಾಗಿ ಭಾಗವಹಿಸಿ ಸಲಹೆ ನೀಡಬೇಕು ಎಂದರು. ಪ್ರಧಾನ ಕಾರ್ಯದರ್ಶಿ ವರದಿ ವಾಚಿಸಿದರು. ಆಡಳಿತ ಮಂಡಳಿ ಸದಸ್ಯರು ಉಪಸ್ಥಿತರಿದ್ದರು. 7.4.2026 ರಂದು ಮುಂದಿನ ಸಭೆ ನಡೆಸಲು ತೀರ್ಮಾನಿಸಲಾಯಿತು.
ಜನಮಾಧ್ಯಮ, ಶಿರಸಿ: ತಾಲೂಕಿನ ಬಕ್ಕಳ ಸೇವಾ ಸಹಕಾರಿ ಸಂಘದ ವಾರ್ಷಿಕ ಮಹಾಸಭೆ ಸಂಘದ ಸಭಾಭವನದಲ್ಲಿ ನಡೆಯಿತು. ಅಧ್ಯಕ್ಷತೆ ವಹಿಸಿ ಮಾತನಾಡಿದ ಜಿ.ಎನ್. ಹೆಗಡೆ, ಸಂಘವು ಪ್ರಸಕ್ತ ಸಾಲಿನಲ್ಲಿ ಉತ್ತಮ ಲಾಭ ಗಳಿಸಿದ್ದು, ಸದಸ್ಯರಿಗೆ ಲಾಭಾಂಶ ವಿತರಿಸಲು ನಿರ್ಧರಿಸಲಾಗಿದೆ. ಸಂಘವು ಒಟ್ಟು ರೂ.1,97,59,518.52 ರಷ್ಟು ವಹಿವಾಟು ನಡೆಸಿದ್ದು, ರೂ.2,23,04,273.70 ಠೇವಣಿ ಸಂಗ್ರಹಿಸಿದೆ. ರೂ.25,44,755.18 ನಿವ್ವಳ ಲಾಭ ಗಳಿಸಲಾಗಿದೆ. ಸದಸ್ಯರಿಗೆ ರೂ.5,42,145 ಸಾಲ ವಿತರಿಸಲಾಗಿದ್ದು, ಒಟ್ಟು 2255-9 ಸದಸ್ಯರು ಸಂಘದಲ್ಲಿದ್ದಾರೆ. ಕೃಷಿ ಸಾಲ ಮರುಪಾವತಿ ಪ್ರಮಾಣ ಶೇ.100 ರಷ್ಟಿದ್ದು, ರೂ.17,38,28,697 ಸಾಲ ವಸೂಲಾತಿ ಮಾಡಲಾಗಿದೆ. ರೂ.12,05,43,033 ಸಾಲ ಬಾಕಿ ಇದೆ. ರೂ.6,99,23 ಮೊತ್ತವನ್ನು ಅಭಿವೃದ್ಧಿ ನಿಧಿಗೆ ವರ್ಗಾಯಿಸಲಾಗಿದೆ. ಸದಸ್ಯರು ಸಂಘದ ಚಟುವಟಿಕೆಗಳಲ್ಲಿ ಸಕ್ರಿಯವಾಗಿ ಭಾಗವಹಿಸಿ ಸಲಹೆ ನೀಡಬೇಕು ಎಂದರು. ಪ್ರಧಾನ ಕಾರ್ಯದರ್ಶಿ ವರದಿ ವಾಚಿಸಿದರು. ಆಡಳಿತ ಮಂಡಳಿ ಸದಸ್ಯರು ಉಪಸ್ಥಿತರಿದ್ದರು. 7.4.2026 ರಂದು ಮುಂದಿನ ಸಭೆ ನಡೆಸಲು ತೀರ್ಮಾನಿಸಲಾಯಿತು.
ರೈತರ ಬದುಕಿನ ಜೊತೆ ಸರ್ಕಾರದ ಚೆಲ್ಲಾಟ: ಹರಿಪ್ರಕಾಶ ಕೋಣೆಮನೆ
ಜನಮಾಧ್ಯಮ, ಯಲ್ಲಾಪುರ: ರಾಜ್ಯ ಸರ್ಕಾರ ಒಂದರ ಮೇಲೊಂದರಂತೆ ಜನವಿರೋಧಿ ನೀತಿಗಳನ್ನು ಜಾರಿಗೊಳಿಸುತ್ತಿದ್ದು, ರೈತರ ಬದುಕಿನ ಜೊತೆ ಚೆಲ್ಲಾಟವಾಡುತ್ತಿದೆ ಎಂದು ಬಿಜೆಪಿ ಮುಖಂಡ ಹರಿಪ್ರಕಾಶ ಕೋಣೆಮನೆ ಆರೋಪಿಸಿದರು. ಪಟ್ಟಣದಲ್ಲಿ ನಡೆದ ಪ್ರತಿಭಟನೆಯಲ್ಲಿ ಮಾತನಾಡಿದ ಅವರು, ಬೆಳೆ ವಿಮೆ ಪರಿಹಾರ ಸಕಾಲಕ್ಕೆ ಬಿಡುಗಡೆಯಾಗುತ್ತಿಲ್ಲ. ರಸಗೊಬ್ಬರ ಪೂರೈಕೆಯಲ್ಲಿ ಕೊರತೆಯಾಗಿದ್ದು ರೈತರು ಸಂಕಷ್ಟ ಎದುರಿಸುತ್ತಿದ್ದಾರೆ. ಕೃಷಿ ಉತ್ಪನ್ನಗಳಿಗೆ ಬೆಂಬಲ ಬೆಲೆ ಘೋಷಿಸಿದರೂ ಖರೀದಿ ಕೇಂದ್ರ ತೆರೆಯುವಲ್ಲಿ ವಿಳಂಬವಾಗಿದೆ. ಅಡಿಕೆ ಬೆಳೆಗಾರರ ಸಮಸ್ಯೆಗಳಿಗೆ ಸರ್ಕಾರ ಸ್ಪಂದಿಸುತ್ತಿಲ್ಲ ಎಂದರು. 13 ತಾಲೂಕು ಕೇಂದ್ರಗಳಲ್ಲಿ ಪ್ರತಿಭಟನೆ ನಡೆಸಲಾಗುತ್ತಿದ್ದು, ಸರ್ಕಾರ ಕೂಡಲೇ ರೈತಪರ ನಿರ್ಧಾರ ಕೈಗೊಳ್ಳಬೇಕು. ಇಲ್ಲದಿದ್ದರೆ ಹೋರಾಟ ತೀವ್ರಗೊಳಿಸಲಾಗುವುದು ಎಂದು ಎಚ್ಚರಿಸಿದರು. ಪಕ್ಷದ ಮಂಡಲ ಅಧ್ಯಕ್ಷರು, ಪದಾಧಿಕಾರಿಗಳು, ರೈತ ಮೋರ್ಚಾ ಪ್ರಮುಖರು ಹಾಗೂ ಕಾರ್ಯಕರ್ತರು ಪಾಲ್ಗೊಂಡಿದ್ದರು. ನಂತರ ತಹಶೀಲ್ದಾರರ ಮೂಲಕ ಮುಖ್ಯಮಂತ್ರಿಗಳಿಗೆ ಮನವಿ ಸಲ್ಲಿಸಲಾಯಿತು. ಕಾರ್ಯಕರ್ತರು ಸರ್ಕಾರದ ವಿರುದ್ಧ ಘೋಷಣೆ ಕೂಗಿದರು.
ಜನಮಾಧ್ಯಮ, ಯಲ್ಲಾಪುರ: ರಾಜ್ಯ ಸರ್ಕಾರ ಒಂದರ ಮೇಲೊಂದರಂತೆ ಜನವಿರೋಧಿ ನೀತಿಗಳನ್ನು ಜಾರಿಗೊಳಿಸುತ್ತಿದ್ದು, ರೈತರ ಬದುಕಿನ ಜೊತೆ ಚೆಲ್ಲಾಟವಾಡುತ್ತಿದೆ ಎಂದು ಬಿಜೆಪಿ ಮುಖಂಡ ಹರಿಪ್ರಕಾಶ ಕೋಣೆಮನೆ ಆರೋಪಿಸಿದರು. ಪಟ್ಟಣದಲ್ಲಿ ನಡೆದ ಪ್ರತಿಭಟನೆಯಲ್ಲಿ ಮಾತನಾಡಿದ ಅವರು, ಬೆಳೆ ವಿಮೆ ಪರಿಹಾರ ಸಕಾಲಕ್ಕೆ ಬಿಡುಗಡೆಯಾಗುತ್ತಿಲ್ಲ. ರಸಗೊಬ್ಬರ ಪೂರೈಕೆಯಲ್ಲಿ ಕೊರತೆಯಾಗಿದ್ದು ರೈತರು ಸಂಕಷ್ಟ ಎದುರಿಸುತ್ತಿದ್ದಾರೆ. ಕೃಷಿ ಉತ್ಪನ್ನಗಳಿಗೆ ಬೆಂಬಲ ಬೆಲೆ ಘೋಷಿಸಿದರೂ ಖರೀದಿ ಕೇಂದ್ರ ತೆರೆಯುವಲ್ಲಿ ವಿಳಂಬವಾಗಿದೆ. ಅಡಿಕೆ ಬೆಳೆಗಾರರ ಸಮಸ್ಯೆಗಳಿಗೆ ಸರ್ಕಾರ ಸ್ಪಂದಿಸುತ್ತಿಲ್ಲ ಎಂದರು. 13 ತಾಲೂಕು ಕೇಂದ್ರಗಳಲ್ಲಿ ಪ್ರತಿಭಟನೆ ನಡೆಸಲಾಗುತ್ತಿದ್ದು, ಸರ್ಕಾರ ಕೂಡಲೇ ರೈತಪರ ನಿರ್ಧಾರ ಕೈಗೊಳ್ಳಬೇಕು. ಇಲ್ಲದಿದ್ದರೆ ಹೋರಾಟ ತೀವ್ರಗೊಳಿಸಲಾಗುವುದು ಎಂದು ಎಚ್ಚರಿಸಿದರು. ಪಕ್ಷದ ಮಂಡಲ ಅಧ್ಯಕ್ಷರು, ಪದಾಧಿಕಾರಿಗಳು, ರೈತ ಮೋರ್ಚಾ ಪ್ರಮುಖರು ಹಾಗೂ ಕಾರ್ಯಕರ್ತರು ಪಾಲ್ಗೊಂಡಿದ್ದರು. ನಂತರ ತಹಶೀಲ್ದಾರರ ಮೂಲಕ ಮುಖ್ಯಮಂತ್ರಿಗಳಿಗೆ ಮನವಿ ಸಲ್ಲಿಸಲಾಯಿತು. ಕಾರ್ಯಕರ್ತರು ಸರ್ಕಾರದ ವಿರುದ್ಧ ಘೋಷಣೆ ಕೂಗಿದರು.
ಜನಮಾಧ್ಯಮ, ಯಲ್ಲಾಪುರ: ರಾಜ್ಯ ಸರ್ಕಾರ ಒಂದರ ಮೇಲೊಂದರಂತೆ ಜನವಿರೋಧಿ ನೀತಿಗಳನ್ನು ಜಾರಿಗೊಳಿಸುತ್ತಿದ್ದು, ರೈತರ ಬದುಕಿನ ಜೊತೆ ಚೆಲ್ಲಾಟವಾಡುತ್ತಿದೆ ಎಂದು ಬಿಜೆಪಿ ಮುಖಂಡ ಹರಿಪ್ರಕಾಶ ಕೋಣೆಮನೆ ಆರೋಪಿಸಿದರು. ಪಟ್ಟಣದಲ್ಲಿ ನಡೆದ ಪ್ರತಿಭಟನೆಯಲ್ಲಿ ಮಾತನಾಡಿದ ಅವರು, ಬೆಳೆ ವಿಮೆ ಪರಿಹಾರ ಸಕಾಲಕ್ಕೆ ಬಿಡುಗಡೆಯಾಗುತ್ತಿಲ್ಲ. ರಸಗೊಬ್ಬರ ಪೂರೈಕೆಯಲ್ಲಿ ಕೊರತೆಯಾಗಿದ್ದು ರೈತರು ಸಂಕಷ್ಟ ಎದುರಿಸುತ್ತಿದ್ದಾರೆ. ಕೃಷಿ ಉತ್ಪನ್ನಗಳಿಗೆ ಬೆಂಬಲ ಬೆಲೆ ಘೋಷಿಸಿದರೂ ಖರೀದಿ ಕೇಂದ್ರ ತೆರೆಯುವಲ್ಲಿ ವಿಳಂಬವಾಗಿದೆ. ಅಡಿಕೆ ಬೆಳೆಗಾರರ ಸಮಸ್ಯೆಗಳಿಗೆ ಸರ್ಕಾರ ಸ್ಪಂದಿಸುತ್ತಿಲ್ಲ ಎಂದರು. 13 ತಾಲೂಕು ಕೇಂದ್ರಗಳಲ್ಲಿ ಪ್ರತಿಭಟನೆ ನಡೆಸಲಾಗುತ್ತಿದ್ದು, ಸರ್ಕಾರ ಕೂಡಲೇ ರೈತಪರ ನಿರ್ಧಾರ ಕೈಗೊಳ್ಳಬೇಕು. ಇಲ್ಲದಿದ್ದರೆ ಹೋರಾಟ ತೀವ್ರಗೊಳಿಸಲಾಗುವುದು ಎಂದು ಎಚ್ಚರಿಸಿದರು. ಪಕ್ಷದ ಮಂಡಲ ಅಧ್ಯಕ್ಷರು, ಪದಾಧಿಕಾರಿಗಳು, ರೈತ ಮೋರ್ಚಾ ಪ್ರಮುಖರು ಹಾಗೂ ಕಾರ್ಯಕರ್ತರು ಪಾಲ್ಗೊಂಡಿದ್ದರು. ನಂತರ ತಹಶೀಲ್ದಾರರ ಮೂಲಕ ಮುಖ್ಯಮಂತ್ರಿಗಳಿಗೆ ಮನವಿ ಸಲ್ಲಿಸಲಾಯಿತು. ಕಾರ್ಯಕರ್ತರು ಸರ್ಕಾರದ ವಿರುದ್ಧ ಘೋಷಣೆ ಕೂಗಿದರು.
ಶ್ರೀಕೃಷ್ಣ ಗಾನಾಮೃತ ಕಾರ್ಯಕ್ರಮ ಸಂಪನ್ನ
ಜನಮಾಧ್ಯಮ, ಶಿರಸಿ: ನಗರದ ಸಭಾಭವನದಲ್ಲಿ ಶ್ರೀಕೃಷ್ಣ ಜನ್ಮಾಷ್ಟಮಿ ಅಂಗವಾಗಿ ಆಯೋಜಿಸಿದ್ದ ಶ್ರೀಕೃಷ್ಣ ಗಾನಾಮೃತ ಸಂಗೀತ ಕಾರ್ಯಕ್ರಮ ಯಶಸ್ವಿಯಾಗಿ ನಡೆಯಿತು. ಖ್ಯಾತ ಕಲಾವಿದರು ಶ್ರೀಕೃಷ್ಣನ ಕುರಿತಾದ ಭಕ್ತಿಗೀತೆಗಳು, ದಾಸರ ಪದಗಳು ಹಾಗೂ ಹಿಂದೂಸ್ತಾನಿ ಶಾಸ್ತ್ರೀಯ ಸಂಗೀತವನ್ನು ಪ್ರಸ್ತುತಪಡಿಸಿ ಶ್ರೋತೃಗಳ ಮನಸೂರೆಗೊಂಡರು. ತಬಲಾ ಹಾಗೂ ಹಾರ್ಮೋನಿಯಂ ಸಾಥ್ ನೀಡಿದ ಕಲಾವಿದರು ಕಾರ್ಯಕ್ರಮಕ್ಕೆ ಮೆರುಗು ತಂದರು. ಸಂಘಟಕರು ಮಾತನಾಡಿ, ಯುವ ಪೀಳಿಗೆಗೆ ಶಾಸ್ತ್ರೀಯ ಸಂಗೀತದ ಪರಿಚಯ ಮಾಡಿಕೊಡುವುದು ಕಾರ್ಯಕ್ರಮದ ಉದ್ದೇಶ ಎಂದರು. ಕಲಾವಿದರನ್ನು ಸನ್ಮಾನಿಸಲಾಯಿತು. ನೂರಾರು ಸಂಗೀತಾಸಕ್ತರು ಪಾಲ್ಗೊಂಡಿದ್ದರು. ಮಕ್ಕಳು ಕೃಷ್ಣ ವೇಷಧಾರಿಗಳಾಗಿ ಗಮನ ಸೆಳೆದರು. ಕಾರ್ಯಕ್ರಮದ ಕೊನೆಯಲ್ಲಿ ಪ್ರಸಾದ ವಿತರಿಸಲಾಯಿತು. ಸಂಸ್ಥೆಯ ಪದಾಧಿಕಾರಿಗಳು, ಸದಸ್ಯರು ಹಾಗೂ ಗಣ್ಯರು ಉಪಸ್ಥಿತರಿದ್ದರು. ಸ್ವಯಂಸೇವಕರು ವ್ಯವಸ್ಥೆಯಲ್ಲಿ ಸಹಕರಿಸಿದರು.
ಸುರೇಶ ನಾಯಕ ಬೆಂಗ್ರೆ ನಿಧನ
ಜನಮಾಧ್ಯಮ, ಸಿದ್ದಾಪುರ: ಪಟ್ಟಣದ ಹಿರಿಯ ವರ್ತಕ ಸುರೇಶ ನಾಯಕ ಬೆಂಗ್ರೆ (86) ಅನಾರೋಗ್ಯದಿಂದ ನಿಧನರಾದರು. ದಶಕಗಳ ಕಾಲ ವ್ಯಾಪಾರ ನಡೆಸಿದ್ದ ಅವರು ಸಾಮಾಜಿಕ ಹಾಗೂ ಧಾರ್ಮಿಕ ಚಟುವಟಿಕೆಗಳಲ್ಲಿ ಸಕ್ರಿಯರಾಗಿದ್ದರು. ಮೃತರು ಪತ್ನಿ, ಪುತ್ರರು, ಪುತ್ರಿಯರು ಹಾಗೂ ಅಪಾರ ಬಂಧುಬಳಗವನ್ನು ಅಗಲಿದ್ದಾರೆ. ಅವರ ನಿಧನಕ್ಕೆ ವಿವಿಧ ಸಂಘ ಸಂಸ್ಥೆಗಳ ಪ್ರಮುಖರು ಸಂತಾಪ ಸೂಚಿಸಿದ್ದಾರೆ.
ನಿತ್ಯವೂ ಸುಮಾರು 50 ಸಾವಿರ ಓದುಗರನ್ನು ತಲುಪುತ್ತಿರುವ
'ಜನಮಾಧ್ಯಮ' ಪಿಡಿಎಫ್ ಅವತರಣಿಕೆಯಲ್ಲಿ ಜಾಹೀರಾತು ನೀಡಿ
ಗರಿಷ್ಠ ಪ್ರಯೋಜನ ಪಡೆಯಿರಿ
ಅತಿ ಕಡಿಮೆ ಬೆಲೆಯಲ್ಲಿ ಪ್ಯಾಕೇಜ್ ಜಾಹೀರಾತುಗಳನ್ನು ಪ್ರಕಟಿಸುವ ಅವಕಾಶ
☎ ಸಂಪರ್ಕಿಸಿ: +91 82772 80759
ಜನಮಾಧ್ಯಮ
ಜನಪರ ಧ್ವನಿ
ಮನುವಾರದ ಸಾಂತ್ವ ಪರಿಹಾರ ಮೊತ್ತ 10 ಲಕ್ಷಕ್ಕೆ ಏರಿಕೆ	ಆಮ್ಲೆಟ್ 2.0 ಅತಿ ಹೊಸ ಫ್ಲೇವರ್ ಜೊತೆಗೆ ಆಗಮನ
ukjmnews@gmail.com
